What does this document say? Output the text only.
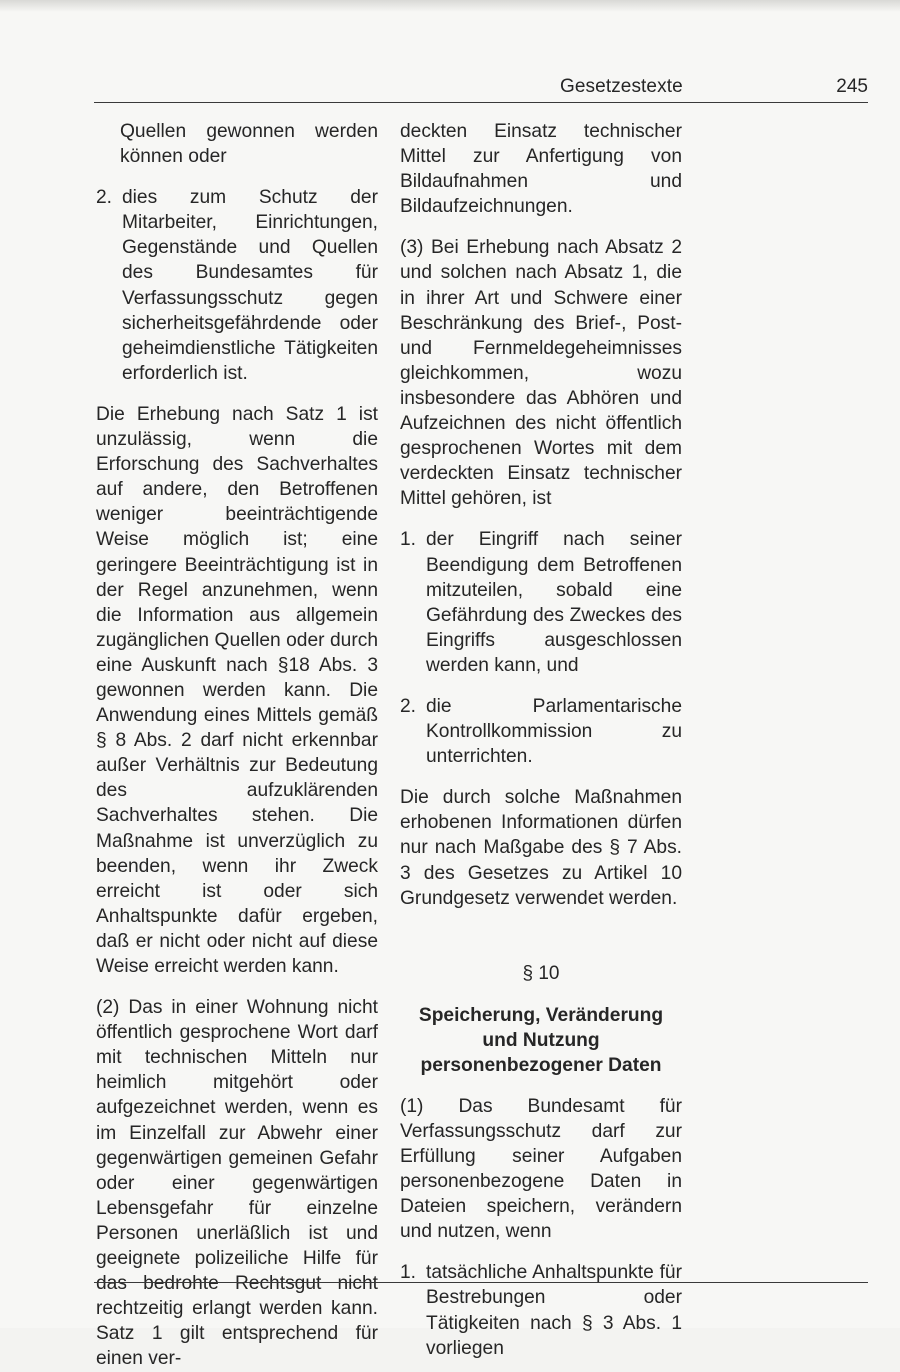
Gesetzestexte	245
Quellen gewonnen werden können oder
2. dies zum Schutz der Mitarbeiter, Einrichtungen, Gegenstände und Quellen des Bundesamtes für Verfassungsschutz gegen sicherheitsgefährdende oder geheimdienstliche Tätigkeiten erforderlich ist.
Die Erhebung nach Satz 1 ist unzulässig, wenn die Erforschung des Sachverhaltes auf andere, den Betroffenen weniger beeinträchtigende Weise möglich ist; eine geringere Beeinträchtigung ist in der Regel anzunehmen, wenn die Information aus allgemein zugänglichen Quellen oder durch eine Auskunft nach §18 Abs. 3 gewonnen werden kann. Die Anwendung eines Mittels gemäß § 8 Abs. 2 darf nicht erkennbar außer Verhältnis zur Bedeutung des aufzuklärenden Sachverhaltes stehen. Die Maßnahme ist unverzüglich zu beenden, wenn ihr Zweck erreicht ist oder sich Anhaltspunkte dafür ergeben, daß er nicht oder nicht auf diese Weise erreicht werden kann.
(2) Das in einer Wohnung nicht öffentlich gesprochene Wort darf mit technischen Mitteln nur heimlich mitgehört oder aufgezeichnet werden, wenn es im Einzelfall zur Abwehr einer gegenwärtigen gemeinen Gefahr oder einer gegenwärtigen Lebensgefahr für einzelne Personen unerläßlich ist und geeignete polizeiliche Hilfe für das bedrohte Rechtsgut nicht rechtzeitig erlangt werden kann. Satz 1 gilt entsprechend für einen ver-
deckten Einsatz technischer Mittel zur Anfertigung von Bildaufnahmen und Bildaufzeichnungen.
(3) Bei Erhebung nach Absatz 2 und solchen nach Absatz 1, die in ihrer Art und Schwere einer Beschränkung des Brief-, Post- und Fernmeldegeheimnisses gleichkommen, wozu insbesondere das Abhören und Aufzeichnen des nicht öffentlich gesprochenen Wortes mit dem verdeckten Einsatz technischer Mittel gehören, ist
1. der Eingriff nach seiner Beendigung dem Betroffenen mitzuteilen, sobald eine Gefährdung des Zweckes des Eingriffs ausgeschlossen werden kann, und
2. die Parlamentarische Kontrollkommission zu unterrichten.
Die durch solche Maßnahmen erhobenen Informationen dürfen nur nach Maßgabe des § 7 Abs. 3 des Gesetzes zu Artikel 10 Grundgesetz verwendet werden.
§ 10
Speicherung, Veränderung
und Nutzung
personenbezogener Daten
(1) Das Bundesamt für Verfassungsschutz darf zur Erfüllung seiner Aufgaben personenbezogene Daten in Dateien speichern, verändern und nutzen, wenn
1. tatsächliche Anhaltspunkte für Bestrebungen oder Tätigkeiten nach § 3 Abs. 1 vorliegen
